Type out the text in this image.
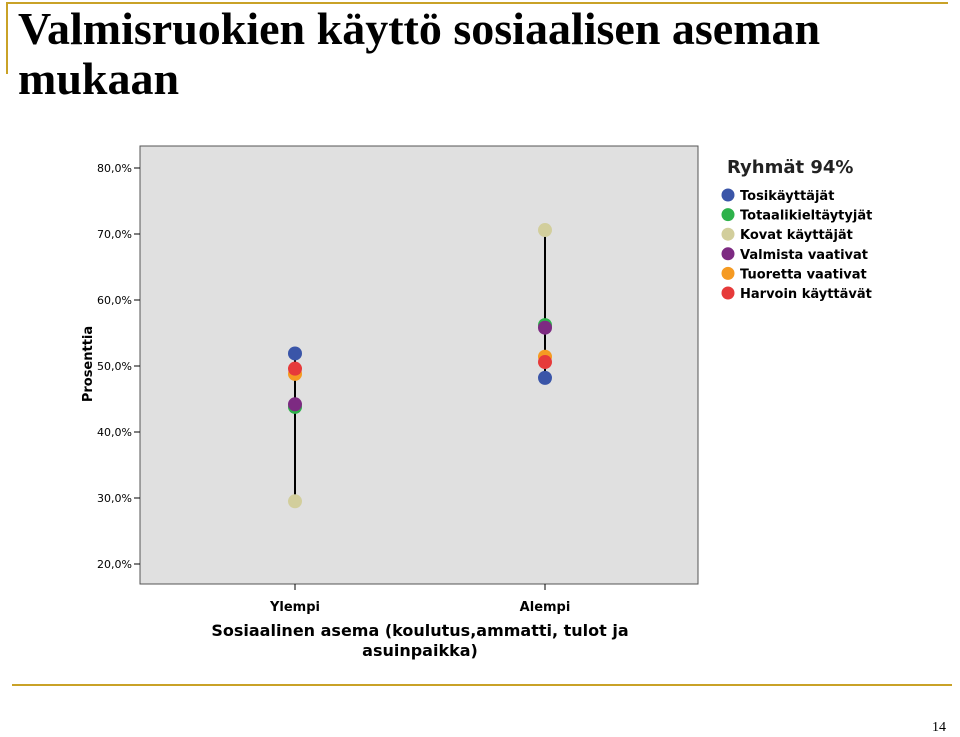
Valmisruokien käyttö sosiaalisen aseman mukaan
20,0%
30,0%
40,0%
50,0%
60,0%
70,0%
80,0%
Prosenttia
Ylempi	Alempi
Sosiaalinen asema (koulutus,ammatti, tulot ja asuinpaikka)
Ryhmät 94%
Tosikäyttäjät
Totaalikieltäytyjät
Kovat käyttäjät
Valmista vaativat
Tuoretta vaativat
Harvoin käyttävät
14
